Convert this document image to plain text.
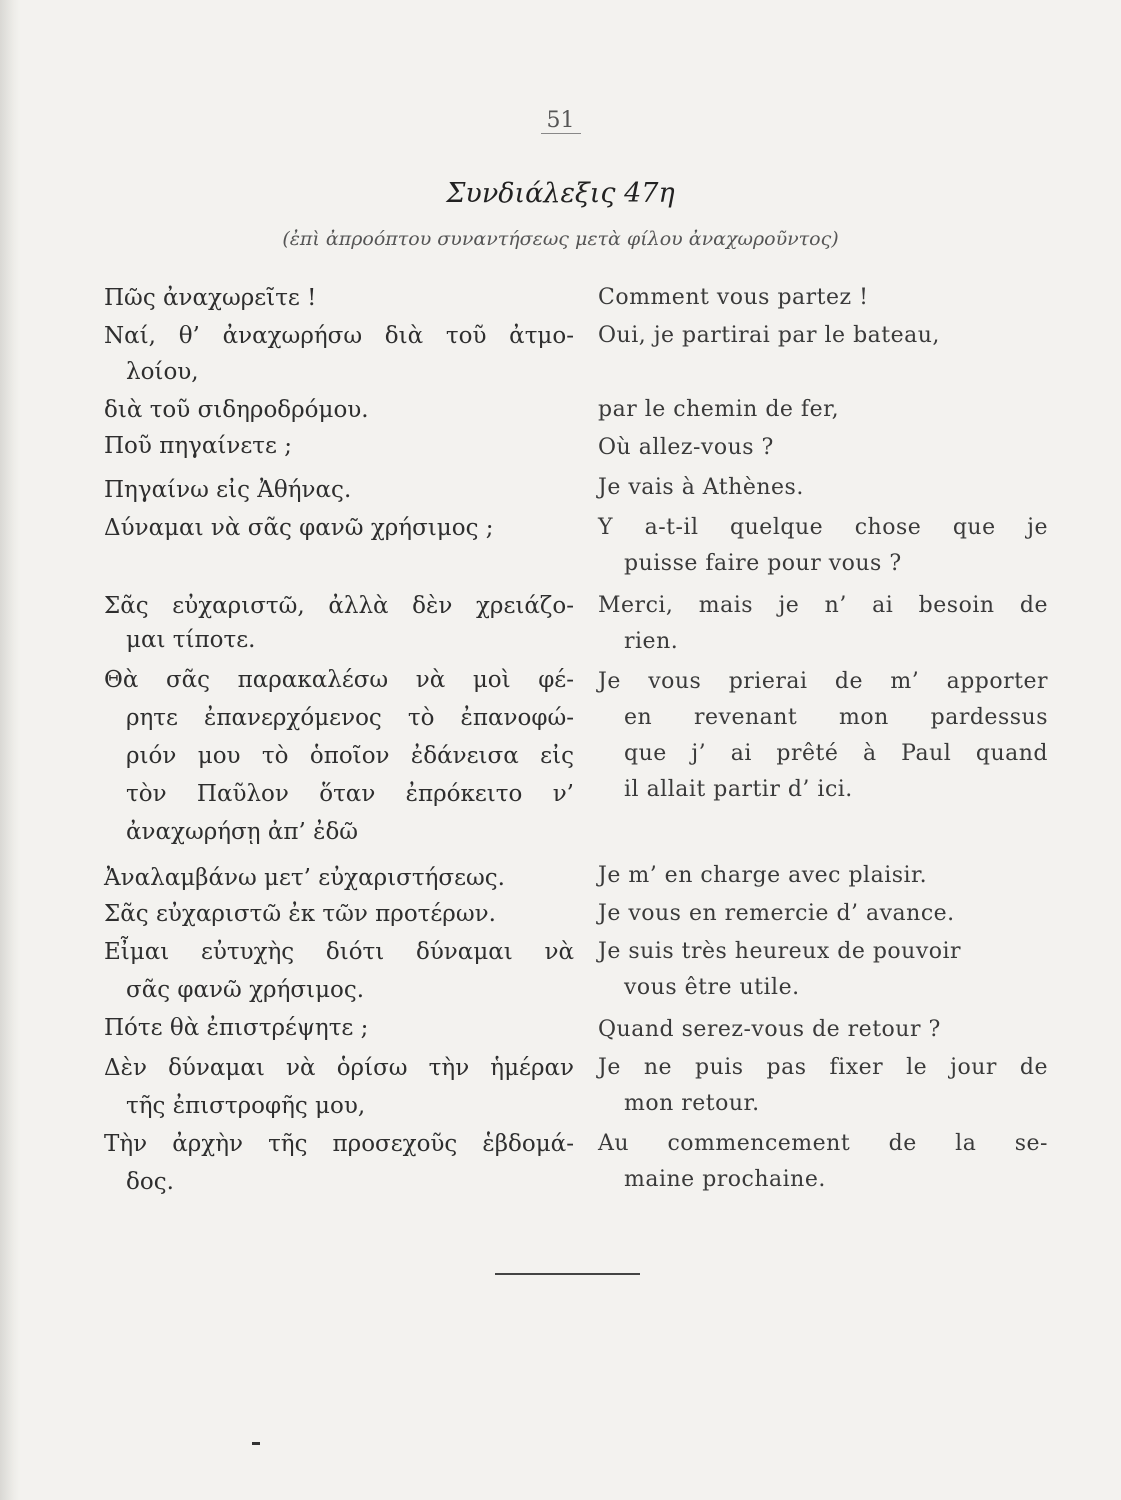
51
Συνδιάλεξις 47η
(ἐπὶ ἀπροόπτου συναντήσεως μετὰ φίλου ἀναχωροῦντος)
Πῶς ἀναχωρεῖτε !
Ναί, θ’ ἀναχωρήσω διὰ τοῦ ἀτμο-
λοίου,
διὰ τοῦ σιδηροδρόμου.
Ποῦ πηγαίνετε ;
Πηγαίνω εἰς Ἀθήνας.
Δύναμαι νὰ σᾶς φανῶ χρήσιμος ;
Σᾶς εὐχαριστῶ, ἀλλὰ δὲν χρειάζο-
μαι τίποτε.
Θὰ σᾶς παρακαλέσω νὰ μοὶ φέ-
ρητε ἐπανερχόμενος τὸ ἐπανοφώ-
ριόν μου τὸ ὁποῖον ἐδάνεισα εἰς
τὸν Παῦλον ὅταν ἐπρόκειτο ν’
ἀναχωρήσῃ ἀπ’ ἐδῶ
Ἀναλαμβάνω μετ’ εὐχαριστήσεως.
Σᾶς εὐχαριστῶ ἐκ τῶν προτέρων.
Εἶμαι εὐτυχὴς διότι δύναμαι νὰ
σᾶς φανῶ χρήσιμος.
Πότε θὰ ἐπιστρέψητε ;
Δὲν δύναμαι νὰ ὁρίσω τὴν ἡμέραν
τῆς ἐπιστροφῆς μου,
Τὴν ἀρχὴν τῆς προσεχοῦς ἑβδομά-
δος.
Comment vous partez !
Oui, je partirai par le bateau,
par le chemin de fer,
Où allez-vous ?
Je vais à Athènes.
Y a-t-il quelque chose que je
puisse faire pour vous ?
Merci, mais je n’ ai besoin de
rien.
Je vous prierai de m’ apporter
en revenant mon pardessus
que j’ ai prêté à Paul quand
il allait partir d’ ici.
Je m’ en charge avec plaisir.
Je vous en remercie d’ avance.
Je suis très heureux de pouvoir
vous être utile.
Quand serez-vous de retour ?
Je ne puis pas fixer le jour de
mon retour.
Au commencement de la se-
maine prochaine.
